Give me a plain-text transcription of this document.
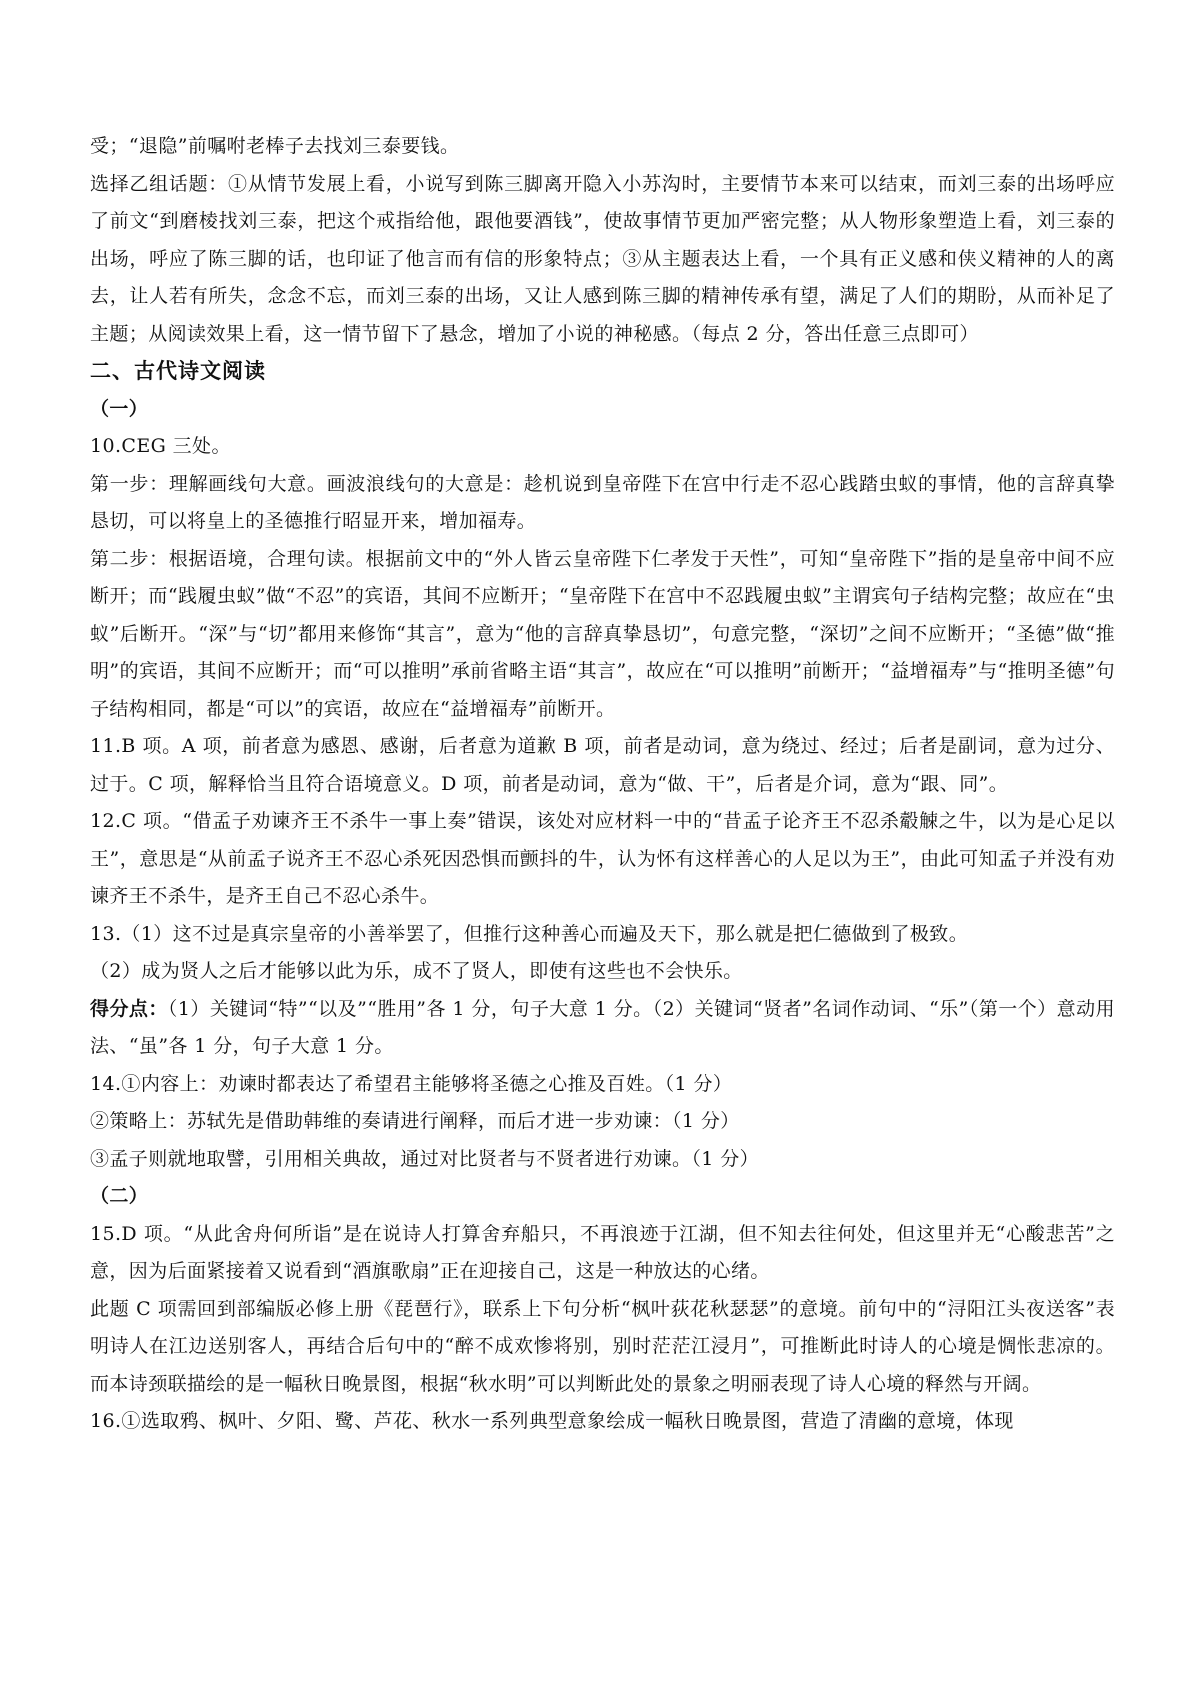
受；“退隐”前嘱咐老棒子去找刘三泰要钱。

选择乙组话题：①从情节发展上看，小说写到陈三脚离开隐入小苏沟时，主要情节本来可以结束，而刘三泰的出场呼应了前文“到磨棱找刘三泰，把这个戒指给他，跟他要酒钱”，使故事情节更加严密完整；从人物形象塑造上看，刘三泰的出场，呼应了陈三脚的话，也印证了他言而有信的形象特点；③从主题表达上看，一个具有正义感和侠义精神的人的离去，让人若有所失，念念不忘，而刘三泰的出场，又让人感到陈三脚的精神传承有望，满足了人们的期盼，从而补足了主题；从阅读效果上看，这一情节留下了悬念，增加了小说的神秘感。（每点 2 分，答出任意三点即可）

二、古代诗文阅读

（一）

10.CEG 三处。

第一步：理解画线句大意。画波浪线句的大意是：趁机说到皇帝陛下在宫中行走不忍心践踏虫蚁的事情，他的言辞真挚恳切，可以将皇上的圣德推行昭显开来，增加福寿。

第二步：根据语境，合理句读。根据前文中的“外人皆云皇帝陛下仁孝发于天性”，可知“皇帝陛下”指的是皇帝中间不应断开；而“践履虫蚁”做“不忍”的宾语，其间不应断开；“皇帝陛下在宫中不忍践履虫蚁”主谓宾句子结构完整；故应在“虫蚁”后断开。“深”与“切”都用来修饰“其言”，意为“他的言辞真挚恳切”，句意完整，“深切”之间不应断开；“圣德”做“推明”的宾语，其间不应断开；而“可以推明”承前省略主语“其言”，故应在“可以推明”前断开；“益增福寿”与“推明圣德”句子结构相同，都是“可以”的宾语，故应在“益增福寿”前断开。

11.B 项。A 项，前者意为感恩、感谢，后者意为道歉 B 项，前者是动词，意为绕过、经过；后者是副词，意为过分、过于。C 项，解释恰当且符合语境意义。D 项，前者是动词，意为“做、干”，后者是介词，意为“跟、同”。

12.C 项。“借孟子劝谏齐王不杀牛一事上奏”错误，该处对应材料一中的“昔孟子论齐王不忍杀觳觫之牛，以为是心足以王”，意思是“从前孟子说齐王不忍心杀死因恐惧而颤抖的牛，认为怀有这样善心的人足以为王”，由此可知孟子并没有劝谏齐王不杀牛，是齐王自己不忍心杀牛。

13.（1）这不过是真宗皇帝的小善举罢了，但推行这种善心而遍及天下，那么就是把仁德做到了极致。

（2）成为贤人之后才能够以此为乐，成不了贤人，即使有这些也不会快乐。

得分点：（1）关键词“特”“以及”“胜用”各 1 分，句子大意 1 分。（2）关键词“贤者”名词作动词、“乐”（第一个）意动用法、“虽”各 1 分，句子大意 1 分。

14.①内容上：劝谏时都表达了希望君主能够将圣德之心推及百姓。（1 分）

②策略上：苏轼先是借助韩维的奏请进行阐释，而后才进一步劝谏：（1 分）

③孟子则就地取譬，引用相关典故，通过对比贤者与不贤者进行劝谏。（1 分）

（二）

15.D 项。“从此舍舟何所诣”是在说诗人打算舍弃船只，不再浪迹于江湖，但不知去往何处，但这里并无“心酸悲苦”之意，因为后面紧接着又说看到“酒旗歌扇”正在迎接自己，这是一种放达的心绪。

此题 C 项需回到部编版必修上册《琵琶行》，联系上下句分析“枫叶荻花秋瑟瑟”的意境。前句中的“浔阳江头夜送客”表明诗人在江边送别客人，再结合后句中的“醉不成欢惨将别，别时茫茫江浸月”，可推断此时诗人的心境是惆怅悲凉的。而本诗颈联描绘的是一幅秋日晚景图，根据“秋水明”可以判断此处的景象之明丽表现了诗人心境的释然与开阔。

16.①选取鸦、枫叶、夕阳、鹭、芦花、秋水一系列典型意象绘成一幅秋日晚景图，营造了清幽的意境，体现
